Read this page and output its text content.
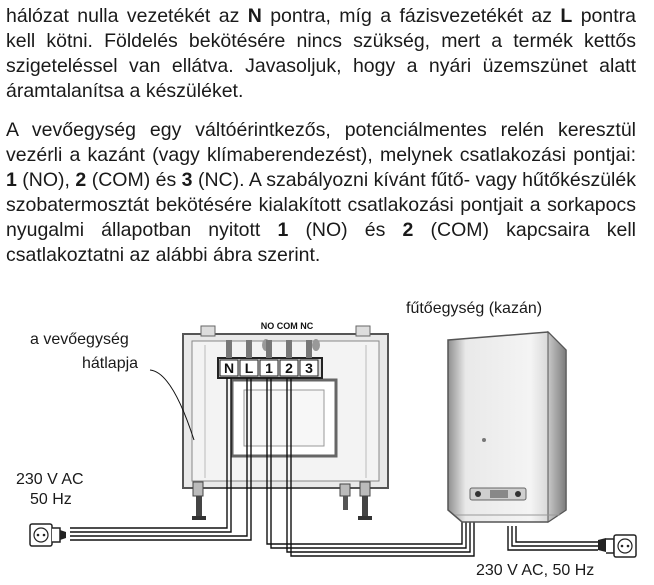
hálózat nulla vezetékét az N pontra, míg a fázisvezetékét az L pontra kell kötni. Földelés bekötésére nincs szükség, mert a termék kettős szigeteléssel van ellátva. Javasoljuk, hogy a nyári üzemszünet alatt áramtalanítsa a készüléket.
A vevőegység egy váltóérintkezős, potenciálmentes relén keresztül vezérli a kazánt (vagy klímaberendezést), melynek csatlakozási pontjai: 1 (NO), 2 (COM) és 3 (NC). A szabályozni kívánt fűtő- vagy hűtőkészülék szobatermosztát bekötésére kialakított csatlakozási pontjait a sorkapocs nyugalmi állapotban nyitott 1 (NO) és 2 (COM) kapcsaira kell csatlakoztatni az alábbi ábra szerint.
N L 1 2 3
NO COM NC
a vevőegység
hátlapja
fűtőegység (kazán)
230 V AC
50 Hz
230 V AC, 50 Hz
